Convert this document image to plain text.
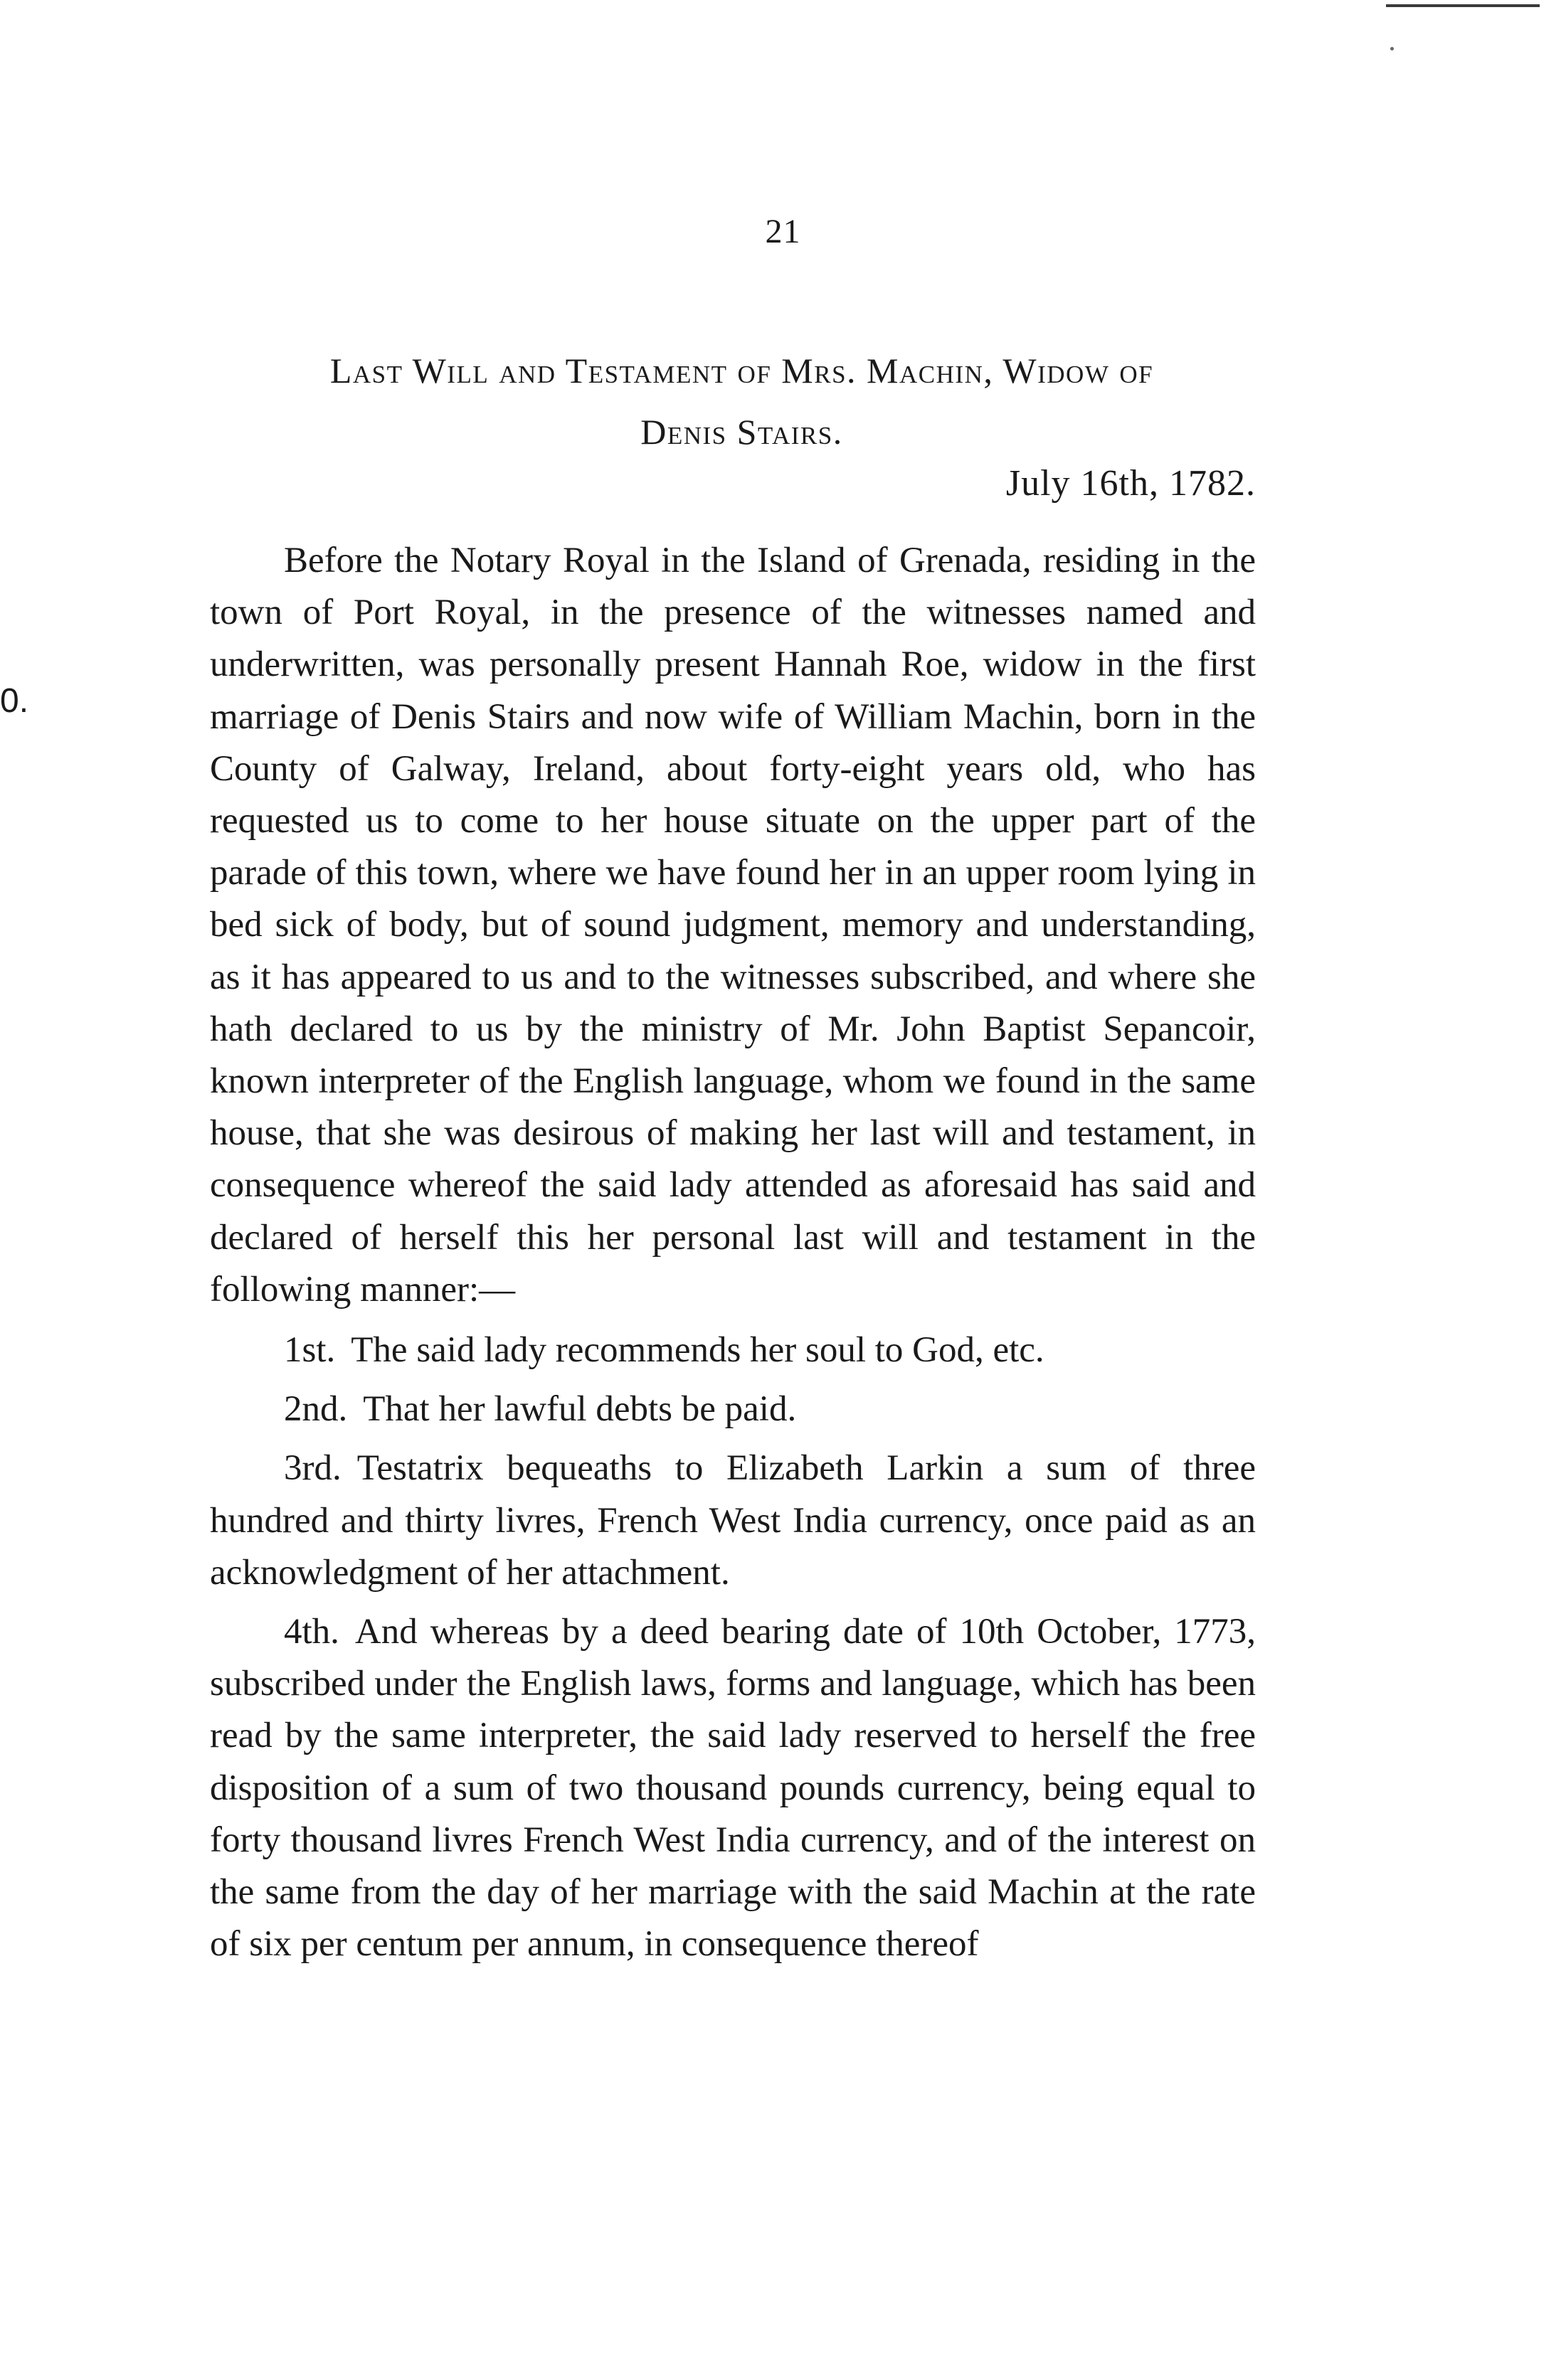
21
0.
Last Will and Testament of Mrs. Machin, Widow of
Denis Stairs.
July 16th, 1782.

Before the Notary Royal in the Island of Grenada, residing in the town of Port Royal, in the presence of the witnesses named and underwritten, was personally present Hannah Roe, widow in the first marriage of Denis Stairs and now wife of William Machin, born in the County of Galway, Ireland, about forty-eight years old, who has requested us to come to her house situate on the upper part of the parade of this town, where we have found her in an upper room lying in bed sick of body, but of sound judgment, memory and understanding, as it has appeared to us and to the witnesses subscribed, and where she hath declared to us by the ministry of Mr. John Baptist Sepancoir, known interpreter of the English language, whom we found in the same house, that she was desirous of making her last will and testament, in consequence whereof the said lady attended as aforesaid has said and declared of herself this her personal last will and testament in the following manner:—

1st. The said lady recommends her soul to God, etc.

2nd. That her lawful debts be paid.

3rd. Testatrix bequeaths to Elizabeth Larkin a sum of three hundred and thirty livres, French West India currency, once paid as an acknowledgment of her attachment.

4th. And whereas by a deed bearing date of 10th October, 1773, subscribed under the English laws, forms and language, which has been read by the same interpreter, the said lady reserved to herself the free disposition of a sum of two thousand pounds currency, being equal to forty thousand livres French West India currency, and of the interest on the same from the day of her marriage with the said Machin at the rate of six per centum per annum, in consequence thereof
